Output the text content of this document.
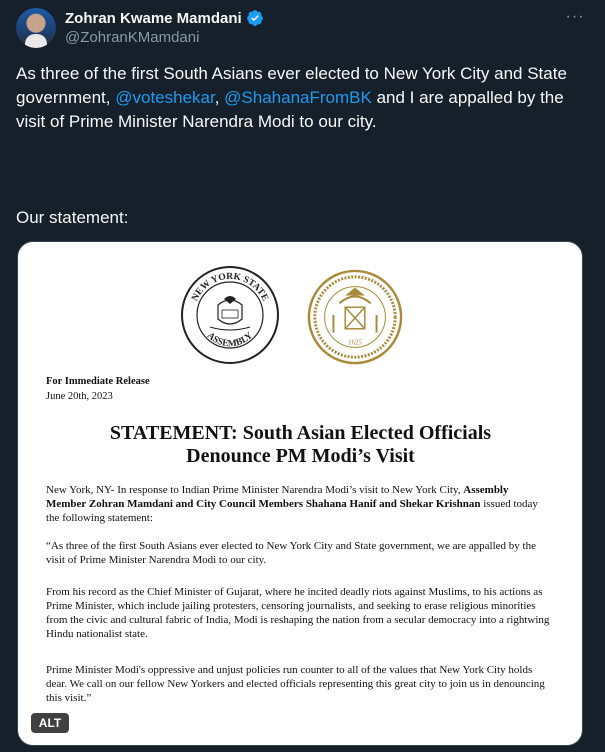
Zohran Kwame Mamdani
@ZohranKMamdani
···
As three of the first South Asians ever elected to New York City and State government, @voteshekar, @ShahanaFromBK and I are appalled by the visit of Prime Minister Narendra Modi to our city.
Our statement:
NEW YORK STATE
ASSEMBLY	1625
For Immediate Release
June 20th, 2023
STATEMENT: South Asian Elected Officials
Denounce PM Modi’s Visit
New York, NY- In response to Indian Prime Minister Narendra Modi’s visit to New York City, Assembly Member Zohran Mamdani and City Council Members Shahana Hanif and Shekar Krishnan issued today the following statement:
“As three of the first South Asians ever elected to New York City and State government, we are appalled by the visit of Prime Minister Narendra Modi to our city.
From his record as the Chief Minister of Gujarat, where he incited deadly riots against Muslims, to his actions as Prime Minister, which include jailing protesters, censoring journalists, and seeking to erase religious minorities from the civic and cultural fabric of India, Modi is reshaping the nation from a secular democracy into a rightwing Hindu nationalist state.
Prime Minister Modi's oppressive and unjust policies run counter to all of the values that New York City holds dear. We call on our fellow New Yorkers and elected officials representing this great city to join us in denouncing this visit.”
ALT
